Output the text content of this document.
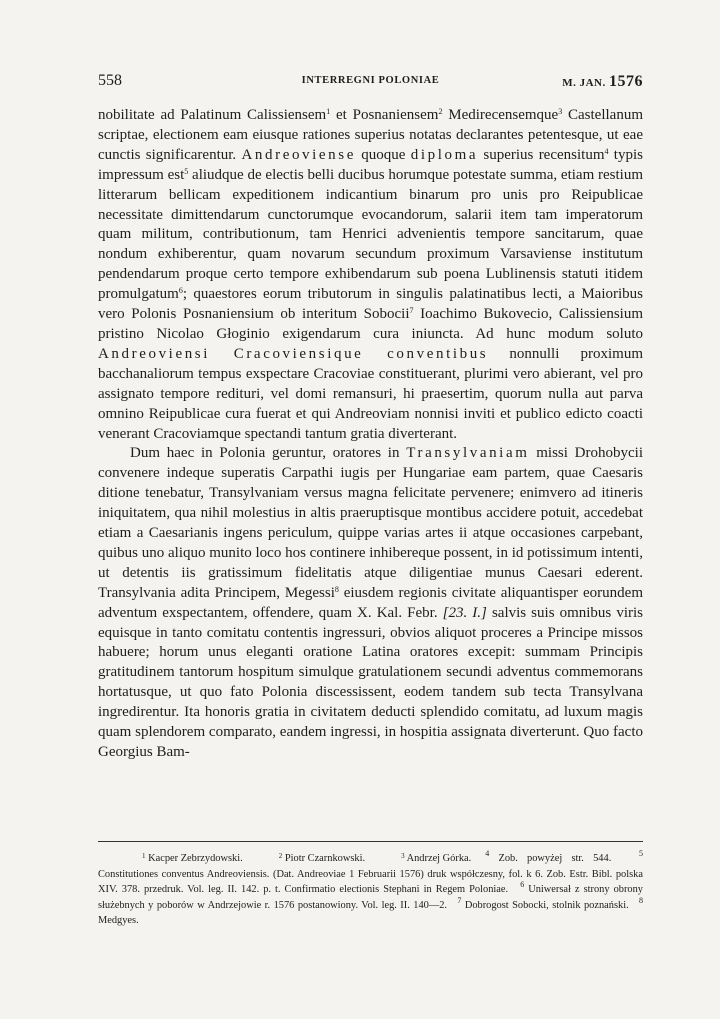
558	INTERREGNI POLONIAE	M. JAN. 1576

nobilitate ad Palatinum Calissiensem$^1$ et Posnaniensem$^2$ Medirecensemque$^3$ Castellanum scriptae, electionem eam eiusque rationes superius notatas declarantes petentesque, ut eae cunctis significarentur. Andreoviense quoque diploma superius recensitum$^4$ typis impressum est$^5$ aliudque de electis belli ducibus horumque potestate summa, etiam restium litterarum bellicam expeditionem indicantium binarum pro unis pro Reipublicae necessitate dimittendarum cunctorumque evocandorum, salarii item tam imperatorum quam militum, contributionum, tam Henrici advenientis tempore sancitarum, quae nondum exhiberentur, quam novarum secundum proximum Varsaviense institutum pendendarum proque certo tempore exhibendarum sub poena Lublinensis statuti itidem promulgatum$^6$; quaestores eorum tributorum in singulis palatinatibus lecti, a Maioribus vero Polonis Posnaniensium ob interitum Sobocii$^7$ Ioachimo Bukovecio, Calissiensium pristino Nicolao Głoginio exigendarum cura iniuncta. Ad hunc modum soluto Andreoviensi Cracoviensique conventibus nonnulli proximum bacchanaliorum tempus exspectare Cracoviae constituerant, plurimi vero abierant, vel pro assignato tempore redituri, vel domi remansuri, hi praesertim, quorum nulla aut parva omnino Reipublicae cura fuerat et qui Andreoviam nonnisi inviti et publico edicto coacti venerant Cracoviamque spectandi tantum gratia diverterant.

Dum haec in Polonia geruntur, oratores in Transylvaniam missi Drohobycii convenere indeque superatis Carpathi iugis per Hungariae eam partem, quae Caesaris ditione tenebatur, Transylvaniam versus magna felicitate pervenere; enimvero ad itineris iniquitatem, qua nihil molestius in altis praeruptisque montibus accidere potuit, accedebat etiam a Caesarianis ingens periculum, quippe varias artes ii atque occasiones carpebant, quibus uno aliquo munito loco hos continere inhibereque possent, in id potissimum intenti, ut detentis iis gratissimum fidelitatis atque diligentiae munus Caesari ederent. Transylvania adita Principem, Megessi$^8$ eiusdem regionis civitate aliquantisper eorundem adventum exspectantem, offendere, quam X. Kal. Febr. [23. I.] salvis suis omnibus viris equisque in tanto comitatu contentis ingressuri, obvios aliquot proceres a Principe missos habuere; horum unus eleganti oratione Latina oratores excepit: summam Principis gratitudinem tantorum hospitum simulque gratulationem secundi adventus commemorans hortatusque, ut quo fato Polonia discessissent, eodem tandem sub tecta Transylvana ingredirentur. Ita honoris gratia in civitatem deducti splendido comitatu, ad luxum magis quam splendorem comparato, eandem ingressi, in hospitia assignata diverterunt. Quo facto Georgius Bam-

$^1$ Kacper Zebrzydowski.	$^2$ Piotr Czarnkowski.	$^3$ Andrzej Górka. $^4$ Zob. powyżej str. 544.	$^5$ Constitutiones conventus Andreoviensis. (Dat. Andreoviae 1 Februarii 1576) druk współczesny, fol. k 6. Zob. Estr. Bibl. polska XIV. 378. przedruk. Vol. leg. II. 142. p. t. Confirmatio electionis Stephani in Regem Poloniae. $^6$ Uniwersał z strony obrony służebnych y poborów w Andrzejowie r. 1576 postanowiony. Vol. leg. II. 140—2. $^7$ Dobrogost Sobocki, stolnik poznański. $^8$ Medgyes.
